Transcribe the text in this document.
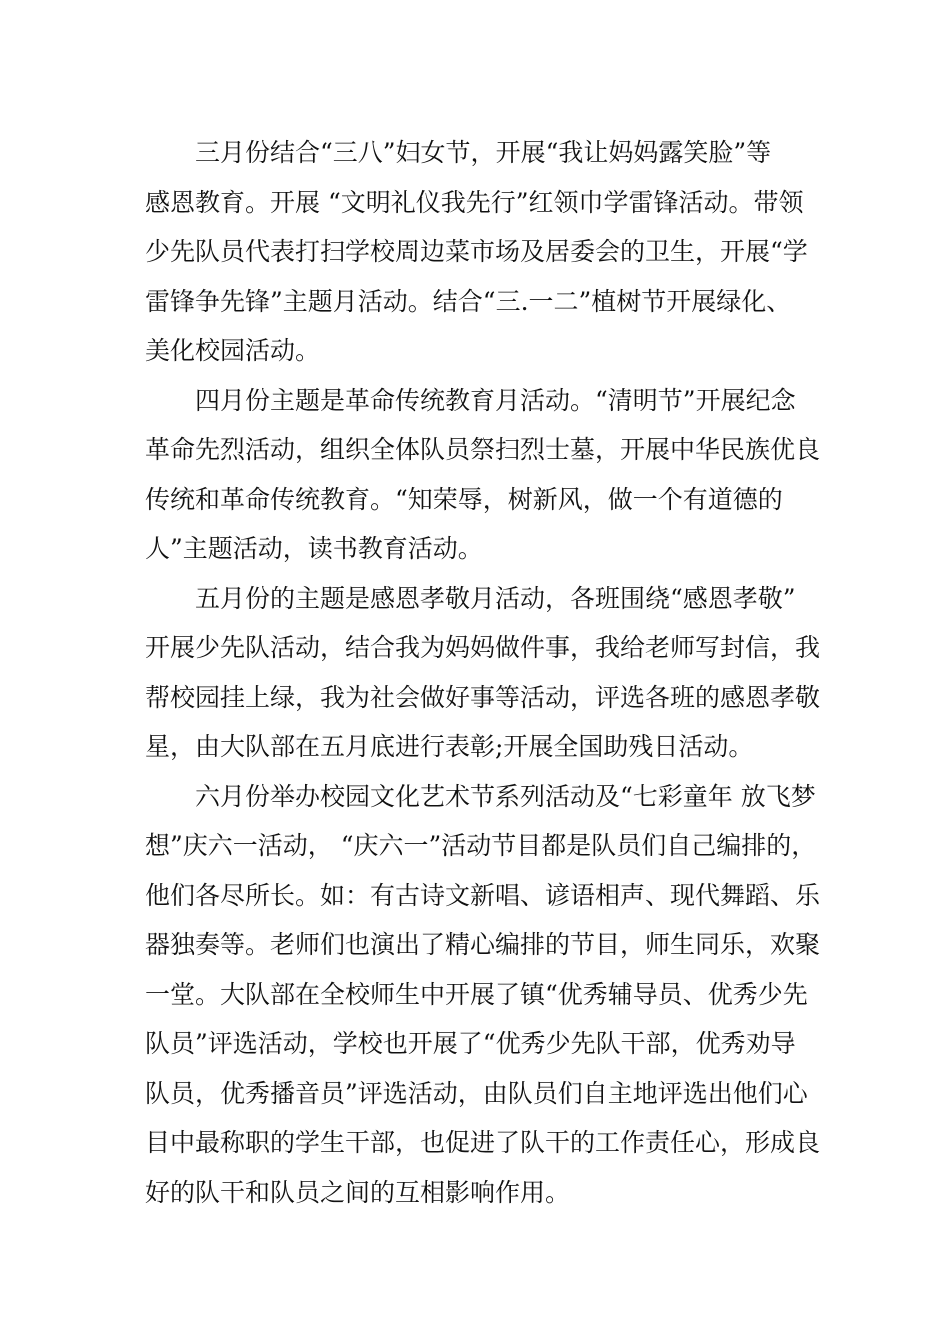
三月份结合“三八”妇女节，开展“我让妈妈露笑脸”等
感恩教育。开展 “文明礼仪我先行”红领巾学雷锋活动。带领
少先队员代表打扫学校周边菜市场及居委会的卫生，开展“学
雷锋争先锋”主题月活动。结合“三.一二”植树节开展绿化、
美化校园活动。
四月份主题是革命传统教育月活动。“清明节”开展纪念
革命先烈活动，组织全体队员祭扫烈士墓，开展中华民族优良
传统和革命传统教育。“知荣辱，树新风，做一个有道德的
人”主题活动，读书教育活动。
五月份的主题是感恩孝敬月活动，各班围绕“感恩孝敬”
开展少先队活动，结合我为妈妈做件事，我给老师写封信，我
帮校园挂上绿，我为社会做好事等活动，评选各班的感恩孝敬
星，由大队部在五月底进行表彰;开展全国助残日活动。
六月份举办校园文化艺术节系列活动及“七彩童年 放飞梦
想”庆六一活动， “庆六一”活动节目都是队员们自己编排的，
他们各尽所长。如：有古诗文新唱、谚语相声、现代舞蹈、乐
器独奏等。老师们也演出了精心编排的节目，师生同乐，欢聚
一堂。大队部在全校师生中开展了镇“优秀辅导员、优秀少先
队员”评选活动，学校也开展了“优秀少先队干部，优秀劝导
队员，优秀播音员”评选活动，由队员们自主地评选出他们心
目中最称职的学生干部，也促进了队干的工作责任心，形成良
好的队干和队员之间的互相影响作用。
